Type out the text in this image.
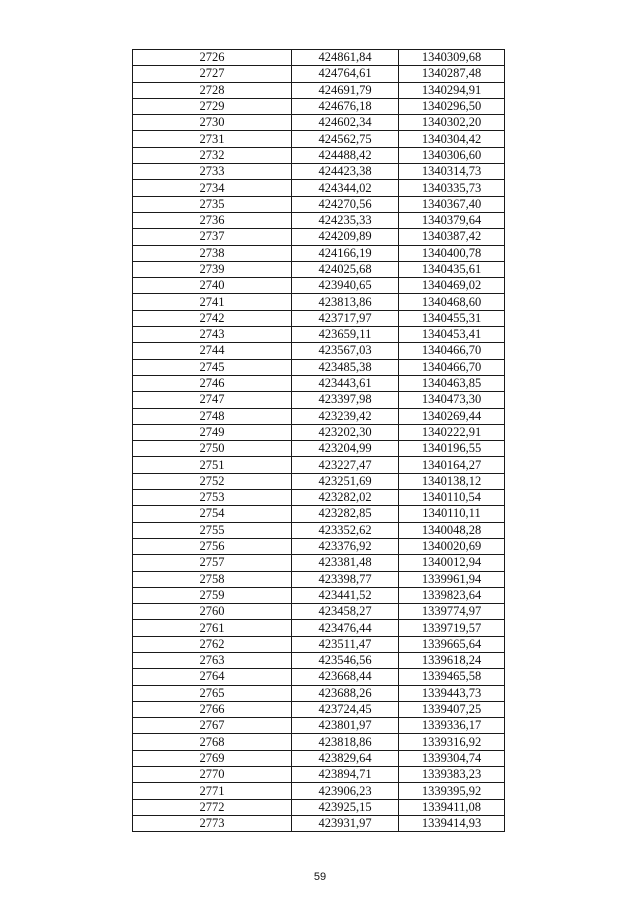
2726	424861,84	1340309,68
2727	424764,61	1340287,48
2728	424691,79	1340294,91
2729	424676,18	1340296,50
2730	424602,34	1340302,20
2731	424562,75	1340304,42
2732	424488,42	1340306,60
2733	424423,38	1340314,73
2734	424344,02	1340335,73
2735	424270,56	1340367,40
2736	424235,33	1340379,64
2737	424209,89	1340387,42
2738	424166,19	1340400,78
2739	424025,68	1340435,61
2740	423940,65	1340469,02
2741	423813,86	1340468,60
2742	423717,97	1340455,31
2743	423659,11	1340453,41
2744	423567,03	1340466,70
2745	423485,38	1340466,70
2746	423443,61	1340463,85
2747	423397,98	1340473,30
2748	423239,42	1340269,44
2749	423202,30	1340222,91
2750	423204,99	1340196,55
2751	423227,47	1340164,27
2752	423251,69	1340138,12
2753	423282,02	1340110,54
2754	423282,85	1340110,11
2755	423352,62	1340048,28
2756	423376,92	1340020,69
2757	423381,48	1340012,94
2758	423398,77	1339961,94
2759	423441,52	1339823,64
2760	423458,27	1339774,97
2761	423476,44	1339719,57
2762	423511,47	1339665,64
2763	423546,56	1339618,24
2764	423668,44	1339465,58
2765	423688,26	1339443,73
2766	423724,45	1339407,25
2767	423801,97	1339336,17
2768	423818,86	1339316,92
2769	423829,64	1339304,74
2770	423894,71	1339383,23
2771	423906,23	1339395,92
2772	423925,15	1339411,08
2773	423931,97	1339414,93
59
